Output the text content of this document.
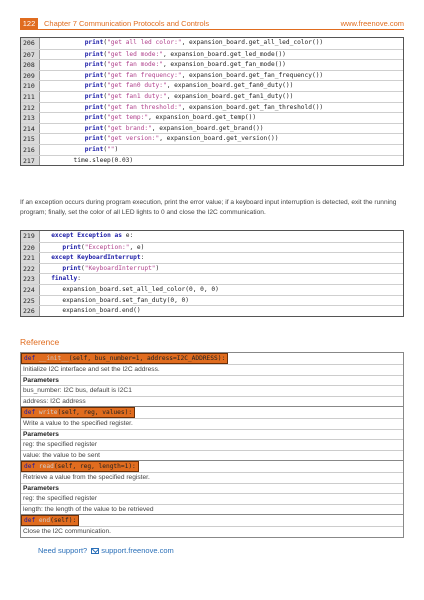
122	Chapter 7 Communication Protocols and Controls	www.freenove.com
206	print("get all led color:", expansion_board.get_all_led_color())
207	print("get led mode:", expansion_board.get_led_mode())
208	print("get fan mode:", expansion_board.get_fan_mode())
209	print("get fan frequency:", expansion_board.get_fan_frequency())
210	print("get fan0 duty:", expansion_board.get_fan0_duty())
211	print("get fan1 duty:", expansion_board.get_fan1_duty())
212	print("get fan threshold:", expansion_board.get_fan_threshold())
213	print("get temp:", expansion_board.get_temp())
214	print("get brand:", expansion_board.get_brand())
215	print("get version:", expansion_board.get_version())
216	print("")
217 time.sleep(0.03)
If an exception occurs during program execution, print the error value; if a keyboard input interruption is detected, exit the running program; finally, set the color of all LED lights to 0 and close the I2C communication.
219	except Exception as e:
220	print("Exception:", e)
221	except KeyboardInterrupt:
222	print("KeyboardInterrupt")
223	finally:
224 expansion_board.set_all_led_color(0, 0, 0)
225 expansion_board.set_fan_duty(0, 0)
226 expansion_board.end()
Reference
def __init__(self, bus_number=1, address=I2C_ADDRESS):
Initialize I2C interface and set the I2C address.
Parameters
bus_number: I2C bus, default is I2C1
address: I2C address
def write(self, reg, values):
Write a value to the specified register.
Parameters
reg: the specified register
value: the value to be sent
def read(self, reg, length=1):
Retrieve a value from the specified register.
Parameters
reg: the specified register
length: the length of the value to be retrieved
def end(self):
Close the I2C communication.
Need support? support.freenove.com
